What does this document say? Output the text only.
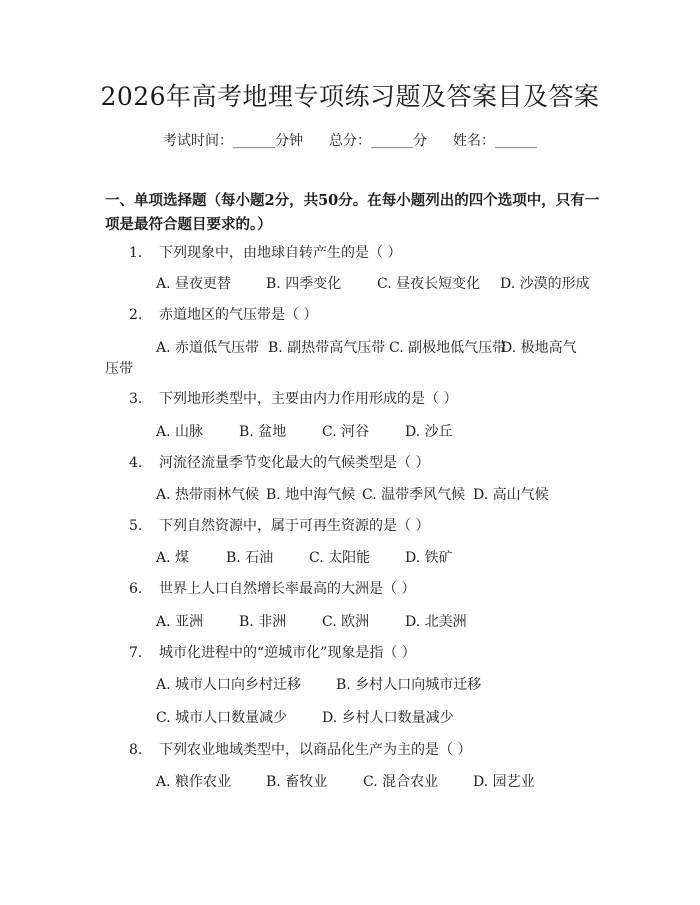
2026年高考地理专项练习题及答案目及答案
考试时间：______分钟 总分：______分 姓名：______
一、单项选择题（每小题2分，共50分。在每小题列出的四个选项中，只有一项是最符合题目要求的。）
1. 下列现象中，由地球自转产生的是（ ）
A. 昼夜更替 B. 四季变化	C. 昼夜长短变化 D. 沙漠的形成
2. 赤道地区的气压带是（ ）
A. 赤道低气压带 B. 副热带高气压带 C. 副极地低气压带
D. 极地高气
压带
3. 下列地形类型中，主要由内力作用形成的是（ ）
A. 山脉	B. 盆地	C. 河谷	D. 沙丘
4. 河流径流量季节变化最大的气候类型是（ ）
A. 热带雨林气候 B. 地中海气候 C. 温带季风气候 D. 高山气候
5. 下列自然资源中，属于可再生资源的是（ ）
A. 煤	B. 石油	C. 太阳能 D. 铁矿
6. 世界上人口自然增长率最高的大洲是（ ）
A. 亚洲	B. 非洲	C. 欧洲	D. 北美洲
7. 城市化进程中的“逆城市化”现象是指（ ）
A. 城市人口向乡村迁移 B. 乡村人口向城市迁移
C. 城市人口数量减少 D. 乡村人口数量减少
8. 下列农业地域类型中，以商品化生产为主的是（ ）
A. 粮作农业 B. 畜牧业	C. 混合农业 D. 园艺业
